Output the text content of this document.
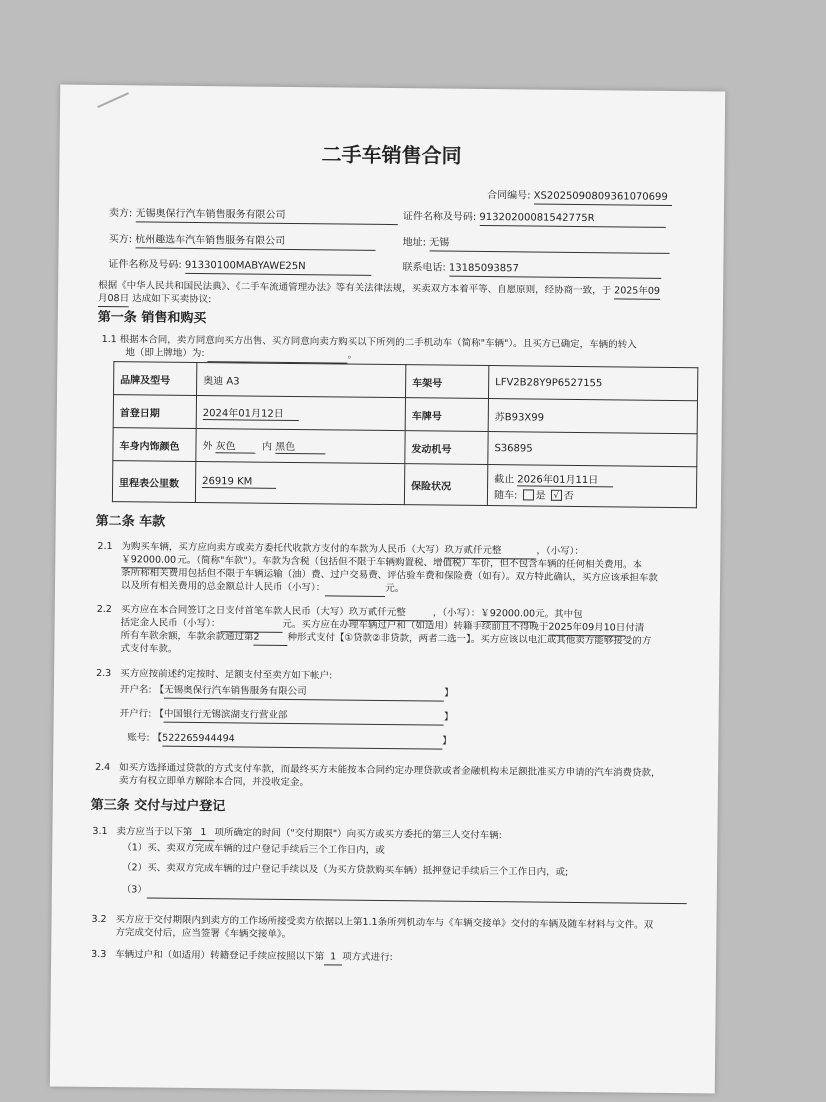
二手车销售合同
合同编号: XS2025090809361070699
卖方: 无锡奥保行汽车销售服务有限公司	证件名称及号码: 91320200081542775R
买方: 杭州趣选车汽车销售服务有限公司	地址: 无锡
证件名称及号码: 91330100MABYAWE25N	联系电话: 13185093857
根据《中华人民共和国民法典》、《二手车流通管理办法》等有关法律法规，买卖双方本着平等、自愿原则，经协商一致，于 2025年09
月08日 达成如下买卖协议:
第一条 销售和购买
1.1 根据本合同，卖方同意向买方出售、买方同意向卖方购买以下所列的二手机动车（简称"车辆"）。且买方已确定，车辆的转入
地（即上牌地）为:	。
品牌及型号	奥迪 A3	车架号	LFV2B28Y9P6527155
首登日期	2024年01月12日	车牌号	苏B93X99
车身内饰颜色	外 灰色 内 黑色	发动机号	S36895
里程表公里数	26919 KM	保险状况	截止 2026年01月11日
随车: 是 √ 否
第二条 车款
2.1 为购买车辆，买方应向卖方或卖方委托代收款方支付的车款为人民币（大写）玖万贰仟元整	，（小写）：
￥92000.00元。（简称"车款"）。车款为含税（包括但不限于车辆购置税、增值税）车价，但不包含车辆的任何相关费用。本
条所称相关费用包括但不限于车辆运输（油）费、过户交易费、评估验车费和保险费（如有）。双方特此确认，买方应该承担车款
以及所有相关费用的总金额总计人民币（小写）：	元。
2.2 买方应在本合同签订之日支付首笔车款人民币（大写）玖万贰仟元整	，（小写）：￥92000.00元。其中包
括定金人民币（小写）：	元。买方应在办理车辆过户和（如适用）转籍手续前且不得晚于2025年09月10日付清
所有车款余额，车款余款通过第2	种形式支付【①贷款②非贷款，两者二选一】。买方应该以电汇或其他卖方能够接受的方
式支付车款。
2.3 买方应按前述约定按时、足额支付至卖方如下帐户:
开户名: 【无锡奥保行汽车销售服务有限公司	】
开户行: 【中国银行无锡滨湖支行营业部	】
账号: 【522265944494	】
2.4 如买方选择通过贷款的方式支付车款，而最终买方未能按本合同约定办理贷款或者金融机构未足额批准买方申请的汽车消费贷款，
卖方有权立即单方解除本合同，并没收定金。
第三条 交付与过户登记
3.1 卖方应当于以下第 1 项所确定的时间（"交付期限"）向买方或买方委托的第三人交付车辆:
（1）买、卖双方完成车辆的过户登记手续后三个工作日内，或
（2）买、卖双方完成车辆的过户登记手续以及（为买方贷款购买车辆）抵押登记手续后三个工作日内，或;
（3）
3.2 买方应于交付期限内到卖方的工作场所接受卖方依据以上第1.1条所列机动车与《车辆交接单》交付的车辆及随车材料与文件。双
方完成交付后，应当签署《车辆交接单》。
3.3 车辆过户和（如适用）转籍登记手续应按照以下第 1 项方式进行:
